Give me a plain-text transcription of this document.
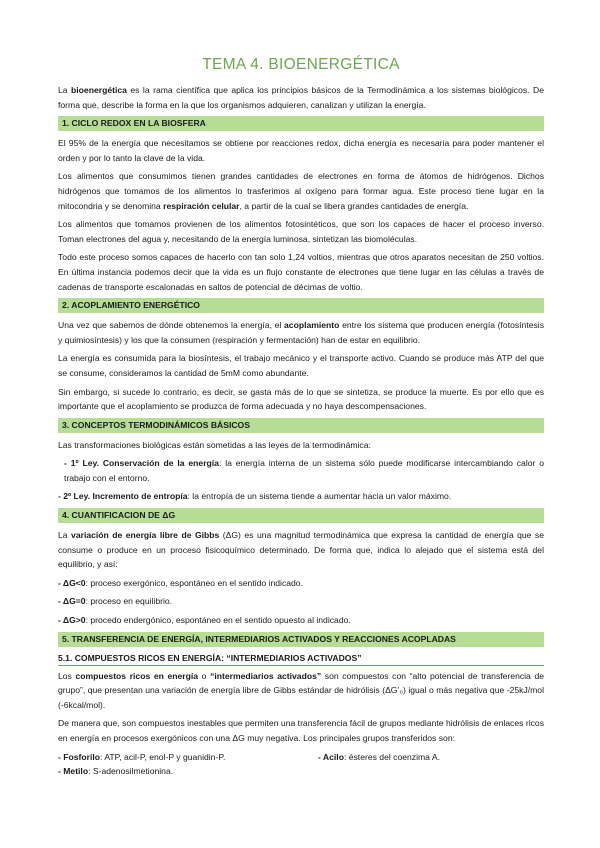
TEMA 4. BIOENERGÉTICA

La bioenergética es la rama científica que aplica los principios básicos de la Termodinámica a los sistemas biológicos. De forma que, describe la forma en la que los organismos adquieren, canalizan y utilizan la energía.

1. CICLO REDOX EN LA BIOSFERA

El 95% de la energía que necesitamos se obtiene por reacciones redox, dicha energía es necesaria para poder mantener el orden y por lo tanto la clave de la vida.

Los alimentos que consumimos tienen grandes cantidades de electrones en forma de átomos de hidrógenos. Dichos hidrógenos que tomamos de los alimentos lo trasferimos al oxígeno para formar agua. Este proceso tiene lugar en la mitocondria y se denomina respiración celular, a partir de la cual se libera grandes cantidades de energía.

Los alimentos que tomamos provienen de los alimentos fotosintéticos, que son los capaces de hacer el proceso inverso. Toman electrones del agua y, necesitando de la energía luminosa, sintetizan las biomoléculas.

Todo este proceso somos capaces de hacerlo con tan solo 1,24 voltios, mientras que otros aparatos necesitan de 250 voltios. En última instancia podemos decir que la vida es un flujo constante de electrones que tiene lugar en las células a través de cadenas de transporte escalonadas en saltos de potencial de décimas de voltio.

2. ACOPLAMIENTO ENERGÉTICO

Una vez que sabemos de dónde obtenemos la energía, el acoplamiento entre los sistema que producen energía (fotosíntesis y quimiosíntesis) y los que la consumen (respiración y fermentación) han de estar en equilibrio.

La energía es consumida para la biosíntesis, el trabajo mecánico y el transporte activo. Cuando se produce más ATP del que se consume, consideramos la cantidad de 5mM como abundante.

Sin embargo, si sucede lo contrario, es decir, se gasta más de lo que se sintetiza, se produce la muerte. Es por ello que es importante que el acoplamiento se produzca de forma adecuada y no haya descompensaciones.

3. CONCEPTOS TERMODINÁMICOS BÁSICOS

Las transformaciones biológicas están sometidas a las leyes de la termodinámica:

- 1º Ley. Conservación de la energía: la energía interna de un sistema sólo puede modificarse intercambiando calor o trabajo con el entorno.

- 2º Ley. Incremento de entropía: la entropía de un sistema tiende a aumentar hacia un valor máximo.

4. CUANTIFICACION DE ΔG

La variación de energía libre de Gibbs (ΔG) es una magnitud termodinámica que expresa la cantidad de energía que se consume o produce en un proceso fisicoquímico determinado. De forma que, indica lo alejado que el sistema está del equilibrio, y así:

- ΔG<0: proceso exergónico, espontáneo en el sentido indicado.

- ΔG=0: proceso en equilibrio.

- ΔG>0: procedo endergónico, espontáneo en el sentido opuesto al indicado.

5. TRANSFERENCIA DE ENERGÍA, INTERMEDIARIOS ACTIVADOS Y REACCIONES ACOPLADAS
5.1. COMPUESTOS RICOS EN ENERGÍA: “INTERMEDIARIOS ACTIVADOS”

Los compuestos ricos en energía o “intermediarios activados” son compuestos con “alto potencial de transferencia de grupo”, que presentan una variación de energía libre de Gibbs estándar de hidrólisis (ΔG’₀) igual o más negativa que -25kJ/mol (-6kcal/mol).

De manera que, son compuestos inestables que permiten una transferencia fácil de grupos mediante hidrólisis de enlaces ricos en energía en procesos exergónicos con una ΔG muy negativa. Los principales grupos transferidos son:

- Fosforilo: ATP, acil-P, enol-P y guanidin-P.	- Acilo: ésteres del coenzima A.
- Metilo : S-adenosilmetionina.
